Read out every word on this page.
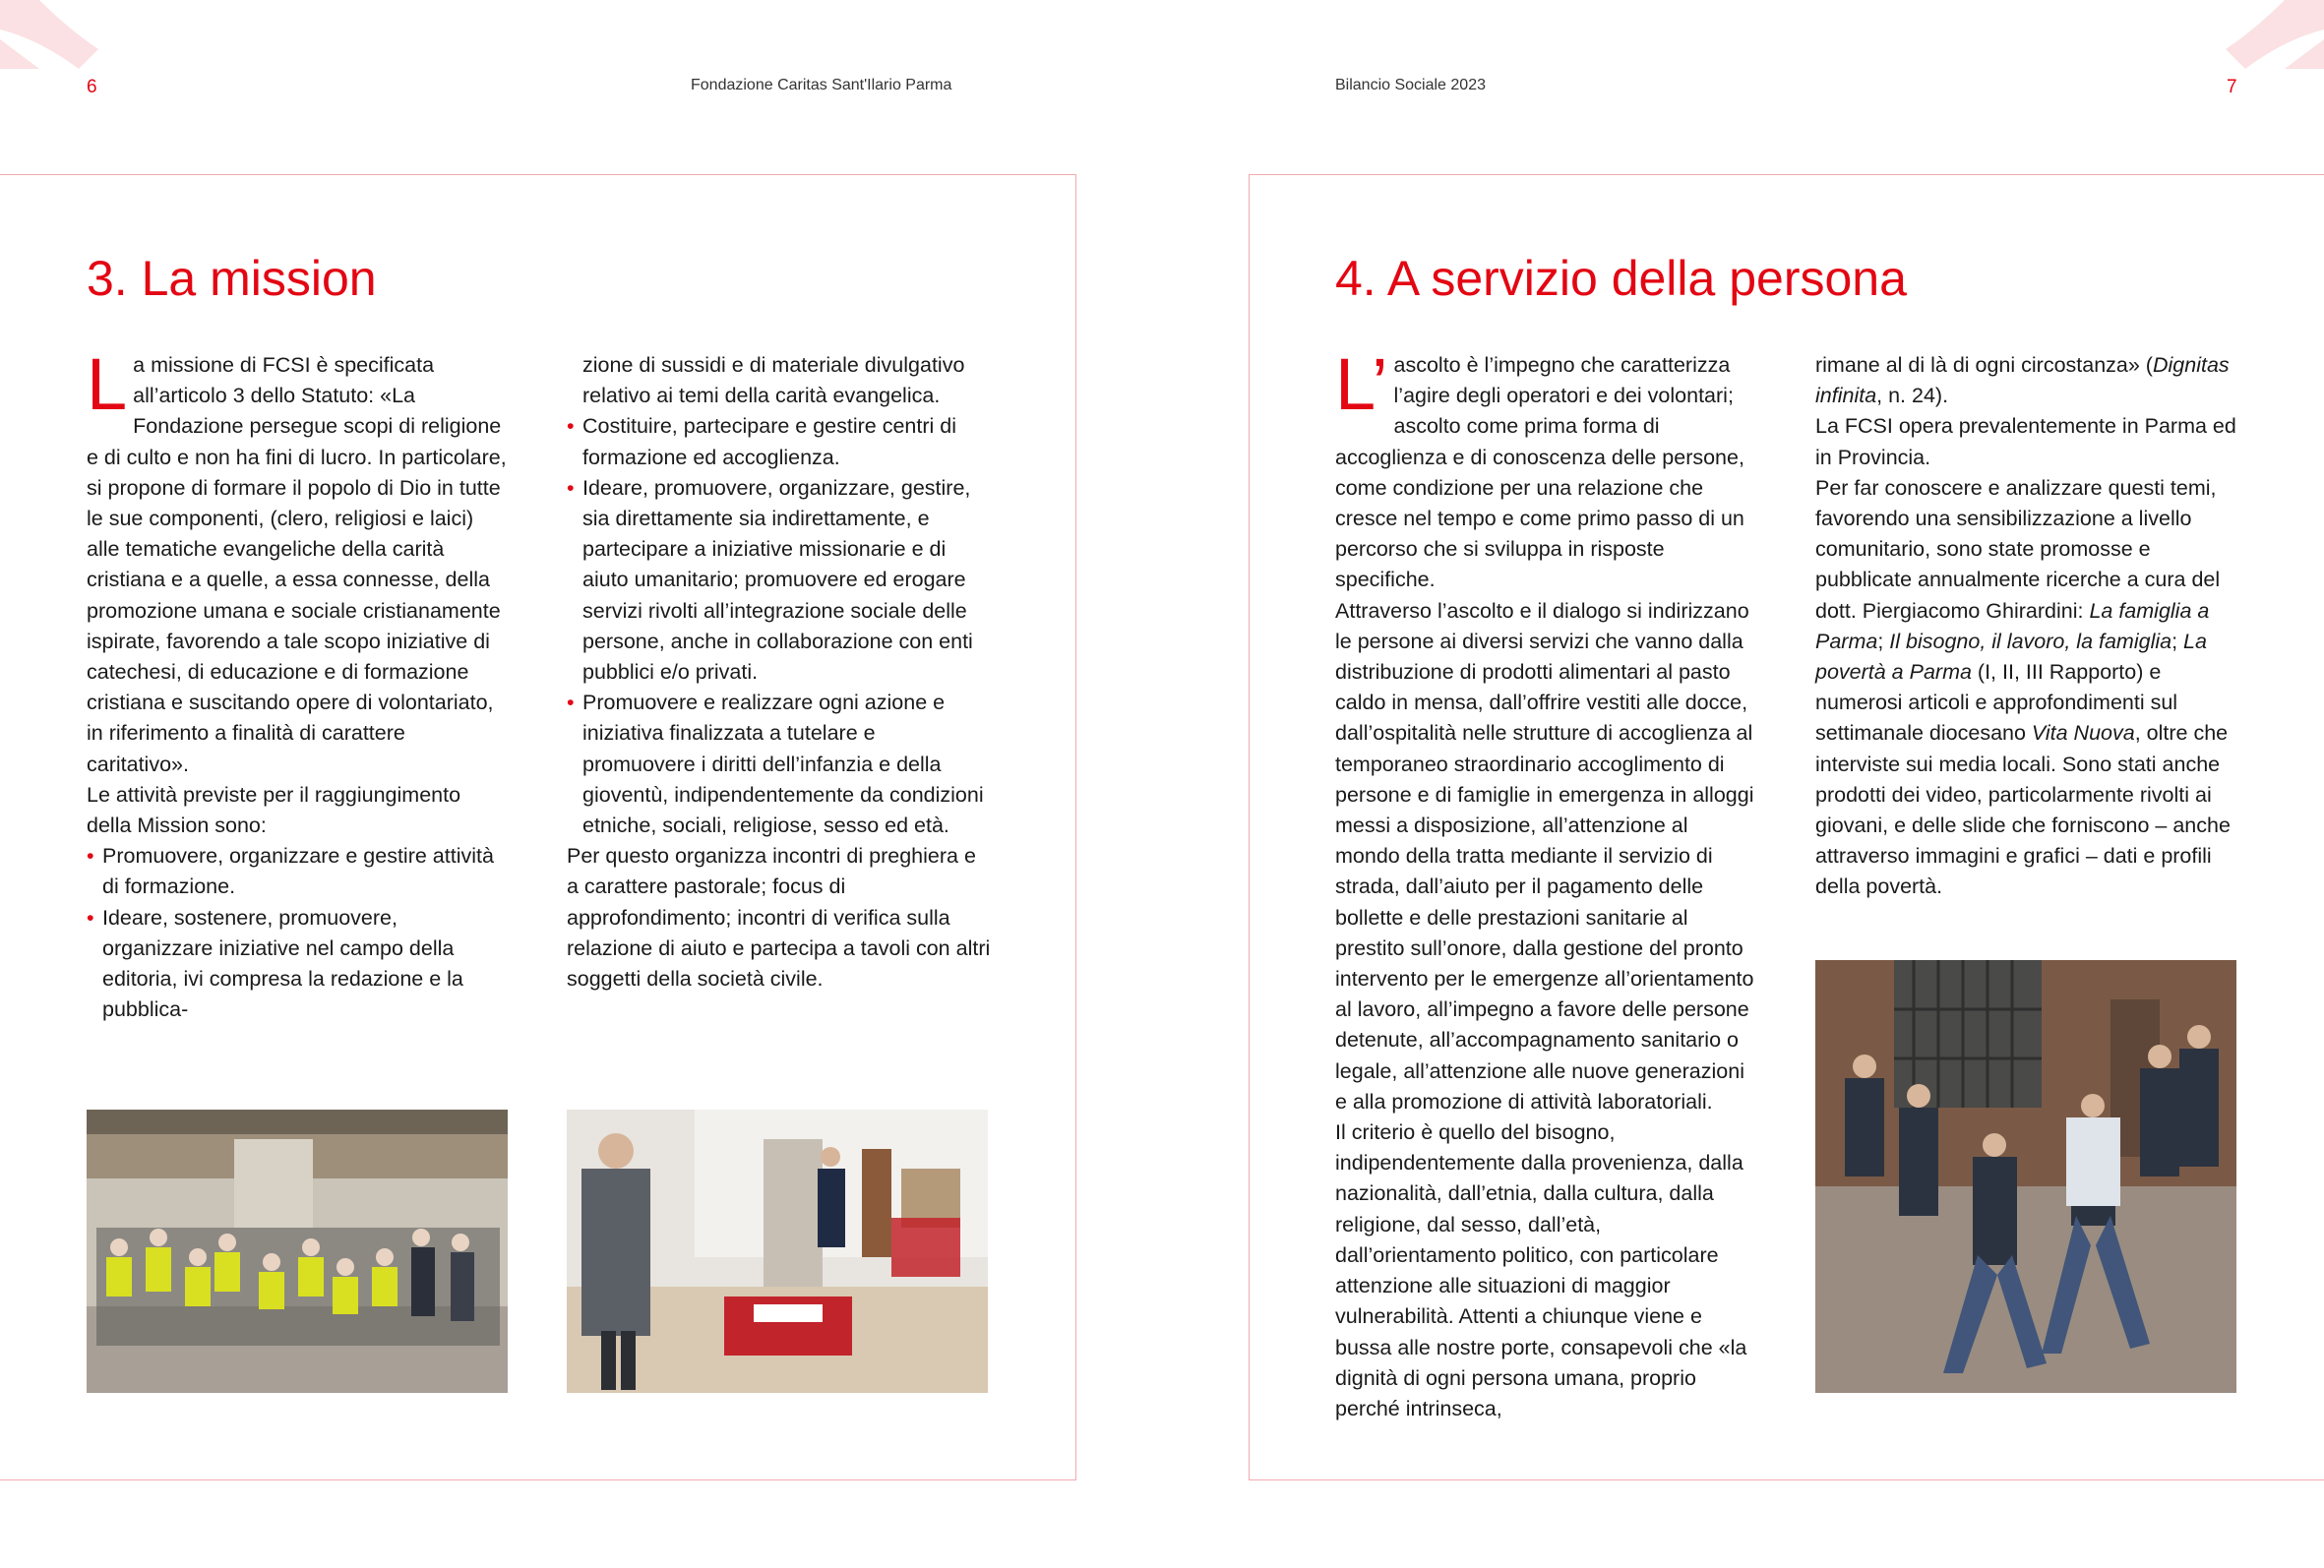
6	Fondazione Caritas Sant'Ilario Parma	Bilancio Sociale 2023	7
3. La mission

La missione di FCSI è specificata all’articolo 3 dello Statuto: «La Fondazione persegue scopi di religione e di culto e non ha fini di lucro. In particolare, si propone di formare il popolo di Dio in tutte le sue componenti, (clero, religiosi e laici) alle tematiche evangeliche della carità cristiana e a quelle, a essa connesse, della promozione umana e sociale cristianamente ispirate, favorendo a tale scopo iniziative di catechesi, di educazione e di formazione cristiana e suscitando opere di volontariato, in riferimento a finalità di carattere caritativo».

Le attività previste per il raggiungimento della Mission sono:

• Promuovere, organizzare e gestire attività di formazione.
• Ideare, sostenere, promuovere, organizzare iniziative nel campo della editoria, ivi compresa la redazione e la pubblica-

zione di sussidi e di materiale divulgativo relativo ai temi della carità evangelica.

• Costituire, partecipare e gestire centri di formazione ed accoglienza.
• Ideare, promuovere, organizzare, gestire, sia direttamente sia indirettamente, e partecipare a iniziative missionarie e di aiuto umanitario; promuovere ed erogare servizi rivolti all’integrazione sociale delle persone, anche in collaborazione con enti pubblici e/o privati.
• Promuovere e realizzare ogni azione e iniziativa finalizzata a tutelare e promuovere i diritti dell’infanzia e della gioventù, indipendentemente da condizioni etniche, sociali, religiose, sesso ed età.

Per questo organizza incontri di preghiera e a carattere pastorale; focus di approfondimento; incontri di verifica sulla relazione di aiuto e partecipa a tavoli con altri soggetti della società civile.

4. A servizio della persona

L’ ascolto è l’impegno che caratterizza l’agire degli operatori e dei volontari; ascolto come prima forma di accoglienza e di conoscenza delle persone, come condizione per una relazione che cresce nel tempo e come primo passo di un percorso che si sviluppa in risposte specifiche.

Attraverso l’ascolto e il dialogo si indirizzano le persone ai diversi servizi che vanno dalla distribuzione di prodotti alimentari al pasto caldo in mensa, dall’offrire vestiti alle docce, dall’ospitalità nelle strutture di accoglienza al temporaneo straordinario accoglimento di persone e di famiglie in emergenza in alloggi messi a disposizione, all’attenzione al mondo della tratta mediante il servizio di strada, dall’aiuto per il pagamento delle bollette e delle prestazioni sanitarie al prestito sull’onore, dalla gestione del pronto intervento per le emergenze all’orientamento al lavoro, all’impegno a favore delle persone detenute, all’accompagnamento sanitario o legale, all’attenzione alle nuove generazioni e alla promozione di attività laboratoriali.

Il criterio è quello del bisogno, indipendentemente dalla provenienza, dalla nazionalità, dall’etnia, dalla cultura, dalla religione, dal sesso, dall’età, dall’orientamento politico, con particolare attenzione alle situazioni di maggior vulnerabilità. Attenti a chiunque viene e bussa alle nostre porte, consapevoli che «la dignità di ogni persona umana, proprio perché intrinseca,

rimane al di là di ogni circostanza» (Dignitas infinita, n. 24).

La FCSI opera prevalentemente in Parma ed in Provincia.

Per far conoscere e analizzare questi temi, favorendo una sensibilizzazione a livello comunitario, sono state promosse e pubblicate annualmente ricerche a cura del dott. Piergiacomo Ghirardini: La famiglia a Parma; Il bisogno, il lavoro, la famiglia; La povertà a Parma (I, II, III Rapporto) e numerosi articoli e approfondimenti sul settimanale diocesano Vita Nuova, oltre che interviste sui media locali. Sono stati anche prodotti dei video, particolarmente rivolti ai giovani, e delle slide che forniscono – anche attraverso immagini e grafici – dati e profili della povertà.
